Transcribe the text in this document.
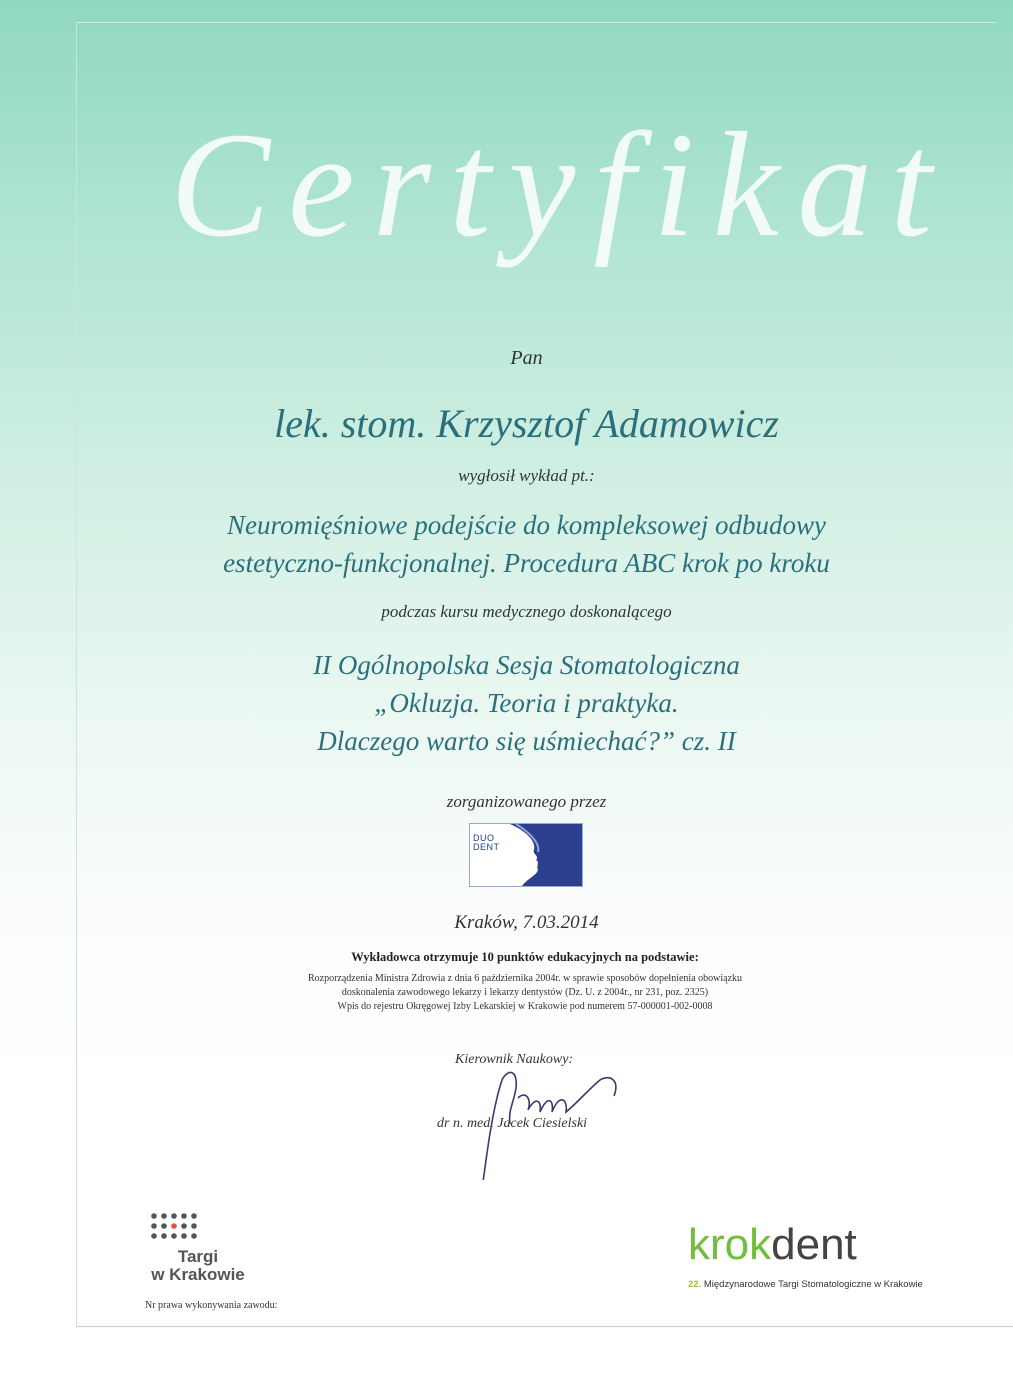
Certyfikat

Pan

lek. stom. Krzysztof Adamowicz

wygłosił wykład pt.:

Neuromięśniowe podejście do kompleksowej odbudowy
estetyczno-funkcjonalnej. Procedura ABC krok po kroku

podczas kursu medycznego doskonalącego

II Ogólnopolska Sesja Stomatologiczna
„Okluzja. Teoria i praktyka.
Dlaczego warto się uśmiechać?” cz. II

zorganizowanego przez

DUO
DENT

Kraków, 7.03.2014

Wykładowca otrzymuje 10 punktów edukacyjnych na podstawie:
Rozporządzenia Ministra Zdrowia z dnia 6 października 2004r. w sprawie sposobów dopełnienia obowiązku
doskonalenia zawodowego lekarzy i lekarzy dentystów (Dz. U. z 2004r., nr 231, poz. 2325)
Wpis do rejestru Okręgowej Izby Lekarskiej w Krakowie pod numerem 57-000001-002-0008
Kierownik Naukowy:
dr n. med. Jacek Ciesielski
Targi
w Krakowie
Nr prawa wykonywania zawodu:
krokdent
22. Międzynarodowe Targi Stomatologiczne w Krakowie
